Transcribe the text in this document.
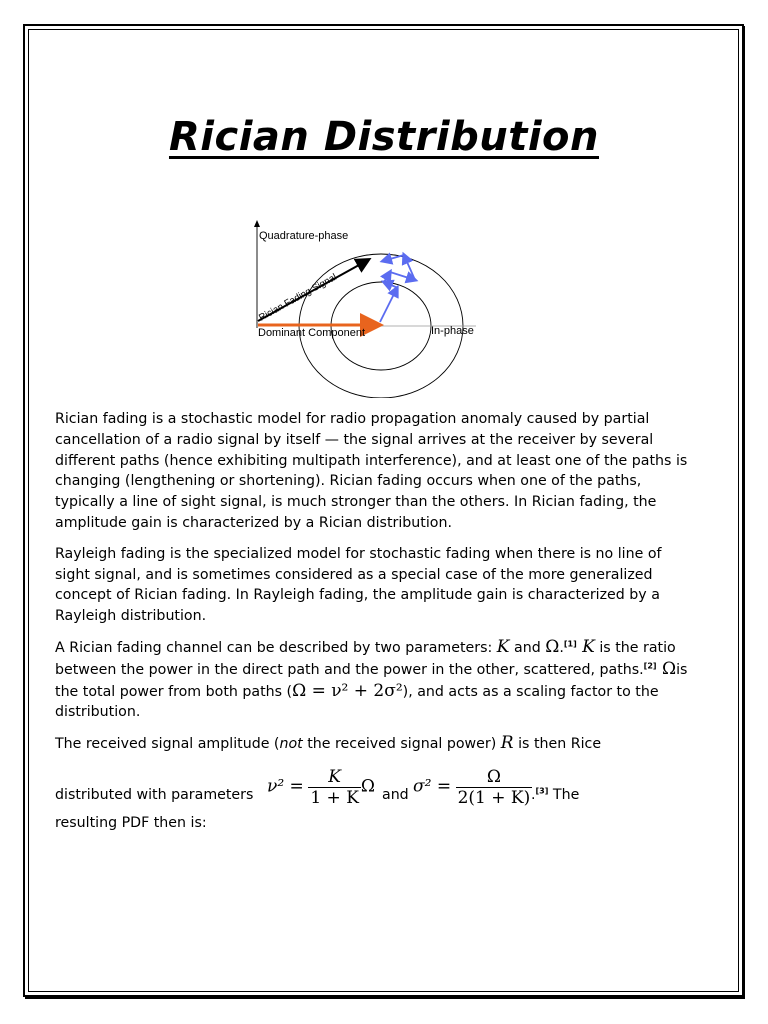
Rician Distribution
Quadrature-phase
In-phase
Dominant Component
Rician Fading Signal

Rician fading is a stochastic model for radio propagation anomaly caused by partial cancellation of a radio signal by itself — the signal arrives at the receiver by several different paths (hence exhibiting multipath interference), and at least one of the paths is changing (lengthening or shortening). Rician fading occurs when one of the paths, typically a line of sight signal, is much stronger than the others. In Rician fading, the amplitude gain is characterized by a Rician distribution.

Rayleigh fading is the specialized model for stochastic fading when there is no line of sight signal, and is sometimes considered as a special case of the more generalized concept of Rician fading. In Rayleigh fading, the amplitude gain is characterized by a Rayleigh distribution.

A Rician fading channel can be described by two parameters: K and Ω.[1] K is the ratio between the power in the direct path and the power in the other, scattered, paths.[2] Ωis the total power from both paths (Ω = ν² + 2σ²), and acts as a scaling factor to the distribution.

The received signal amplitude (not the received signal power) R is then Rice

distributed with parameters $\nu^2 = \frac{K}{1 + K}$ Ω and $\sigma^2 = \frac{\Omega}{2(1 + K)}$
.[3] The

resulting PDF then is:
